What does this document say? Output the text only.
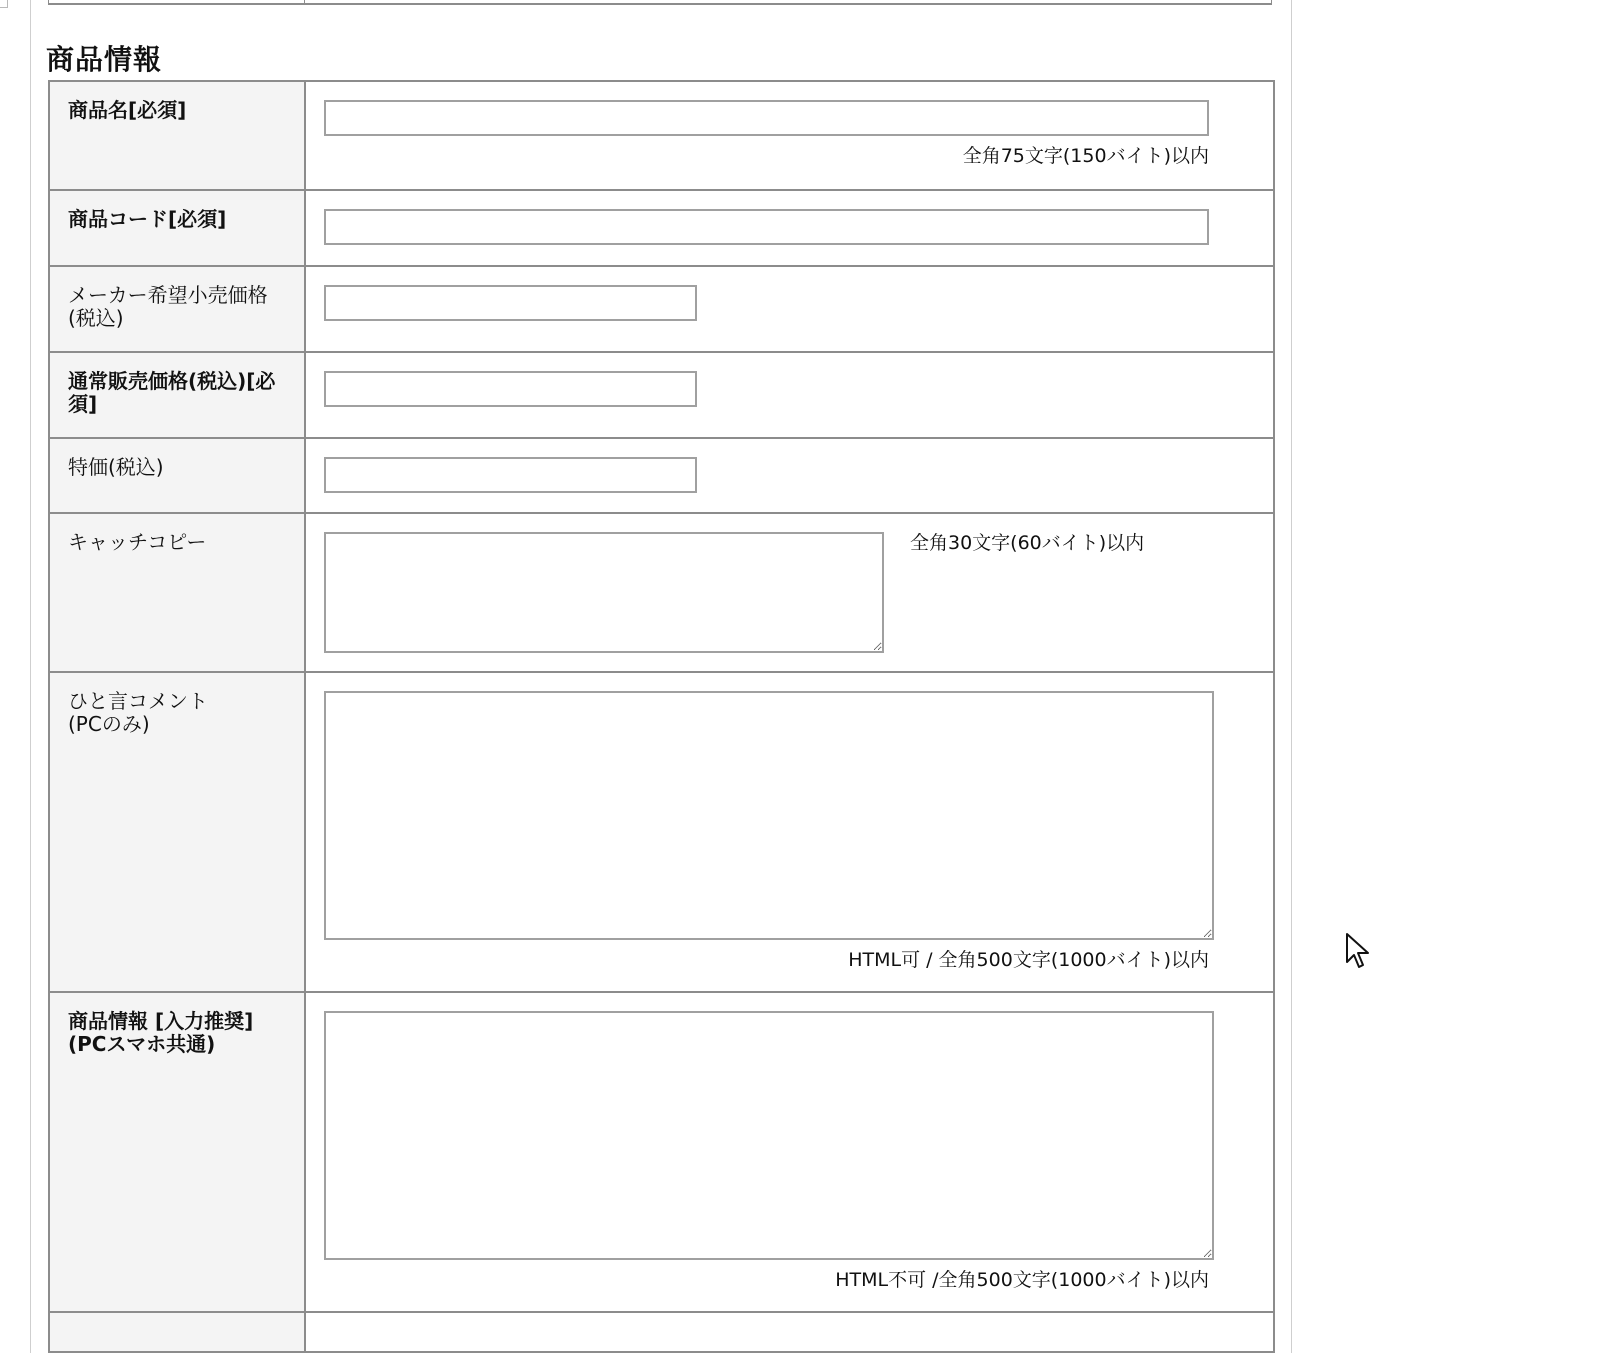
商品情報
商品名[必須]	全角75文字(150バイト)以内

商品コード[必須]	

メーカー希望小売価格(税込)	

通常販売価格(税込)[必須]	

特価(税込)	

キャッチコピー	全角30文字(60バイト)以内

ひと言コメント
(PCのみ)	HTML可 / 全角500文字(1000バイト)以内

商品情報 [入力推奨]
(PCスマホ共通)	HTML不可 /全角500文字(1000バイト)以内
